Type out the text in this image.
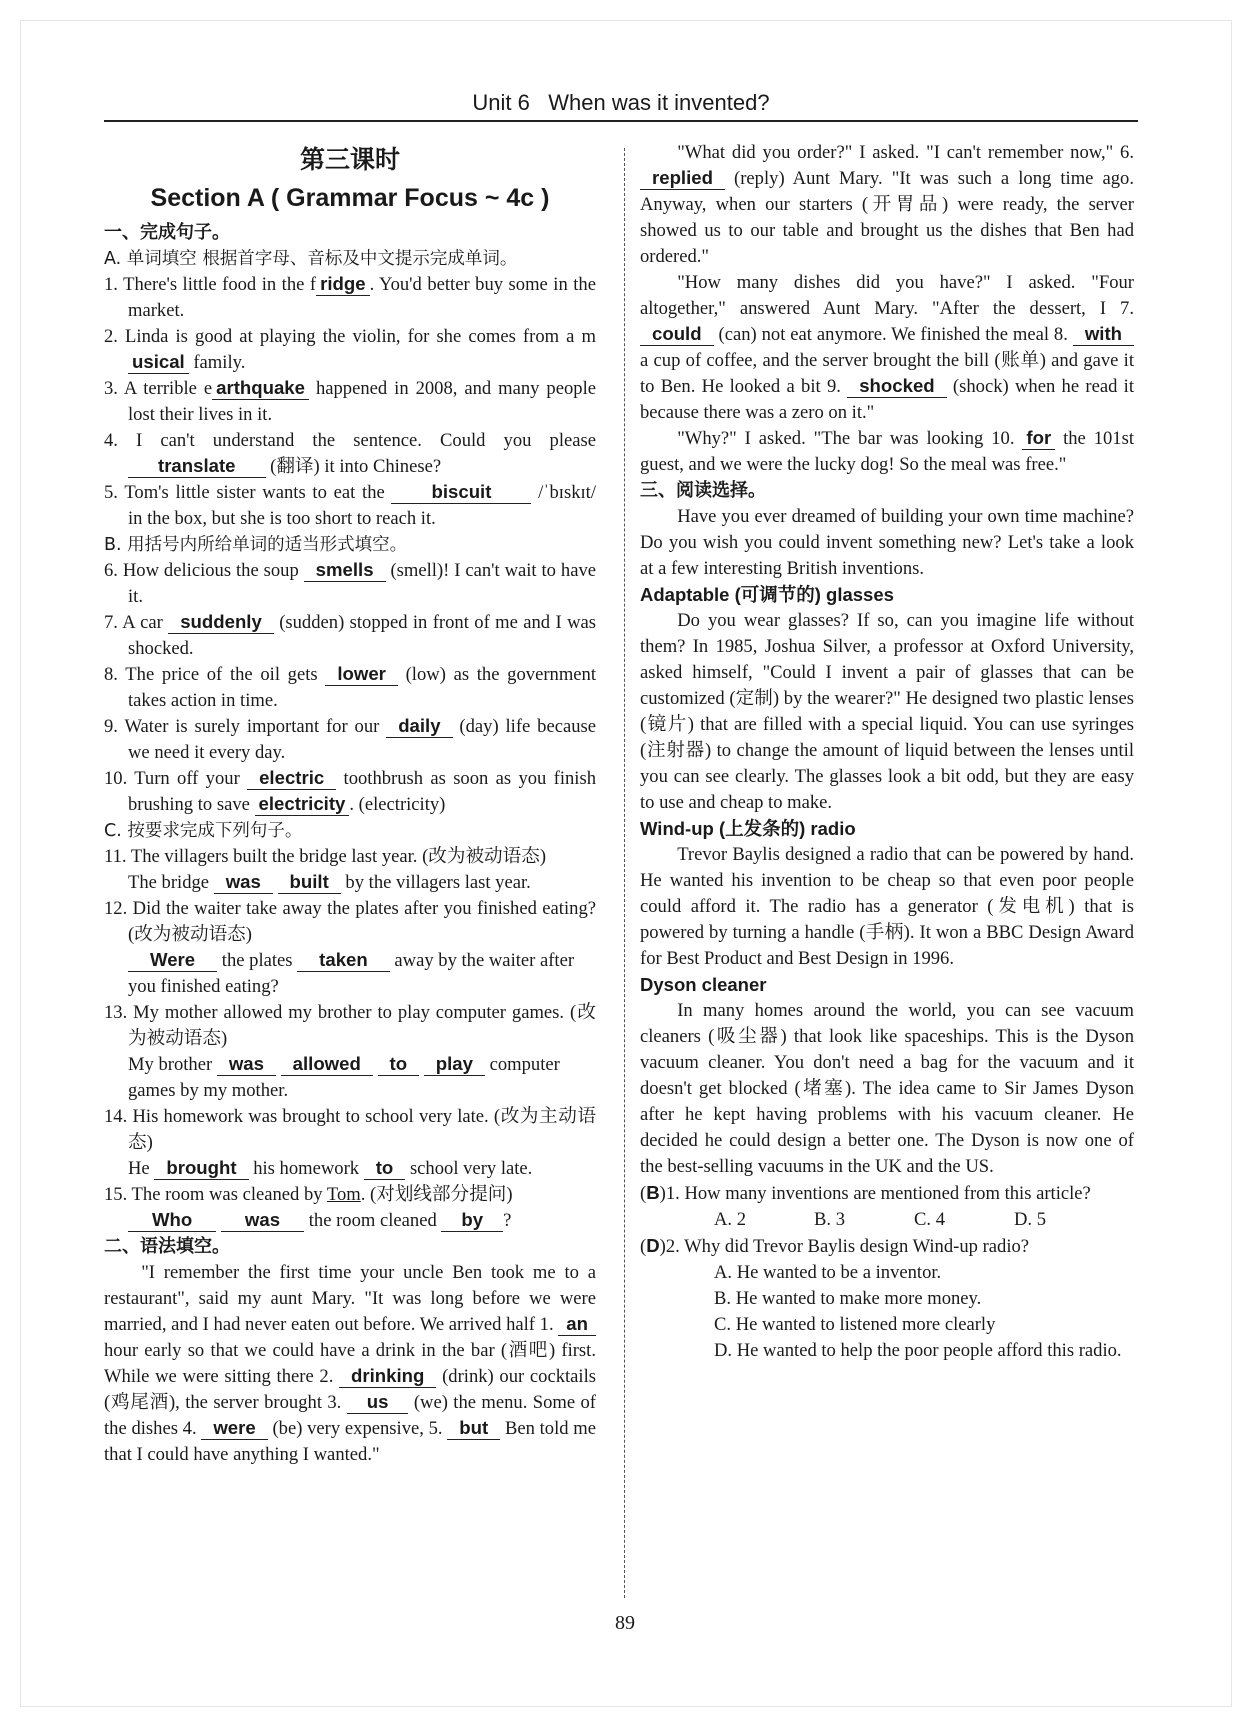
Unit 6 When was it invented?
第三课时
Section A ( Grammar Focus ~ 4c )
一、完成句子。
A. 单词填空 根据首字母、音标及中文提示完成单词。
1. There's little food in the f ridge . You'd better buy some in the market.
2. Linda is good at playing the violin, for she comes from a musical family.
3. A terrible e arthquake happened in 2008, and many people lost their lives in it.
4. I can't understand the sentence. Could you please translate (翻译) it into Chinese?
5. Tom's little sister wants to eat the biscuit /ˈbɪskɪt/ in the box, but she is too short to reach it.
B. 用括号内所给单词的适当形式填空。
6. How delicious the soup smells (smell)! I can't wait to have it.
7. A car suddenly (sudden) stopped in front of me and I was shocked.
8. The price of the oil gets lower (low) as the government takes action in time.
9. Water is surely important for our daily (day) life because we need it every day.
10. Turn off your electric toothbrush as soon as you finish brushing to save electricity . (electricity)
C. 按要求完成下列句子。
11. The villagers built the bridge last year. (改为被动语态)
The bridge was built by the villagers last year.
12. Did the waiter take away the plates after you finished eating? (改为被动语态)
Were the plates taken away by the waiter after you finished eating?
13. My mother allowed my brother to play computer games. (改为被动语态)
My brother was allowed to play computer games by my mother.
14. His homework was brought to school very late. (改为主动语态)
He brought his homework to school very late.
15. The room was cleaned by Tom. (对划线部分提问)
Who	was the room cleaned by ?
二、语法填空。
"I remember the first time your uncle Ben took me to a restaurant", said my aunt Mary. "It was long before we were married, and I had never eaten out before. We arrived half 1. an hour early so that we could have a drink in the bar (酒吧) first. While we were sitting there 2. drinking (drink) our cocktails (鸡尾酒), the server brought 3. us (we) the menu. Some of the dishes 4. were (be) very expensive, 5. but Ben told me that I could have anything I wanted."
"What did you order?" I asked. "I can't remember now," 6. replied (reply) Aunt Mary. "It was such a long time ago. Anyway, when our starters (开胃品) were ready, the server showed us to our table and brought us the dishes that Ben had ordered."
"How many dishes did you have?" I asked. "Four altogether," answered Aunt Mary. "After the dessert, I 7. could (can) not eat anymore. We finished the meal 8. with a cup of coffee, and the server brought the bill (账单) and gave it to Ben. He looked a bit 9. shocked (shock) when he read it because there was a zero on it."
"Why?" I asked. "The bar was looking 10. for the 101st guest, and we were the lucky dog! So the meal was free."
三、阅读选择。
Have you ever dreamed of building your own time machine? Do you wish you could invent something new? Let's take a look at a few interesting British inventions.
Adaptable (可调节的) glasses
Do you wear glasses? If so, can you imagine life without them? In 1985, Joshua Silver, a professor at Oxford University, asked himself, "Could I invent a pair of glasses that can be customized (定制) by the wearer?" He designed two plastic lenses (镜片) that are filled with a special liquid. You can use syringes (注射器) to change the amount of liquid between the lenses until you can see clearly. The glasses look a bit odd, but they are easy to use and cheap to make.
Wind-up (上发条的) radio
Trevor Baylis designed a radio that can be powered by hand. He wanted his invention to be cheap so that even poor people could afford it. The radio has a generator (发电机) that is powered by turning a handle (手柄). It won a BBC Design Award for Best Product and Best Design in 1996.
Dyson cleaner
In many homes around the world, you can see vacuum cleaners (吸尘器) that look like spaceships. This is the Dyson vacuum cleaner. You don't need a bag for the vacuum and it doesn't get blocked (堵塞). The idea came to Sir James Dyson after he kept having problems with his vacuum cleaner. He decided he could design a better one. The Dyson is now one of the best-selling vacuums in the UK and the US.
(B)1. How many inventions are mentioned from this article?
A. 2	B. 3	C. 4	D. 5
(D)2. Why did Trevor Baylis design Wind-up radio?
A. He wanted to be a inventor.
B. He wanted to make more money.
C. He wanted to listened more clearly
D. He wanted to help the poor people afford this radio.
89
